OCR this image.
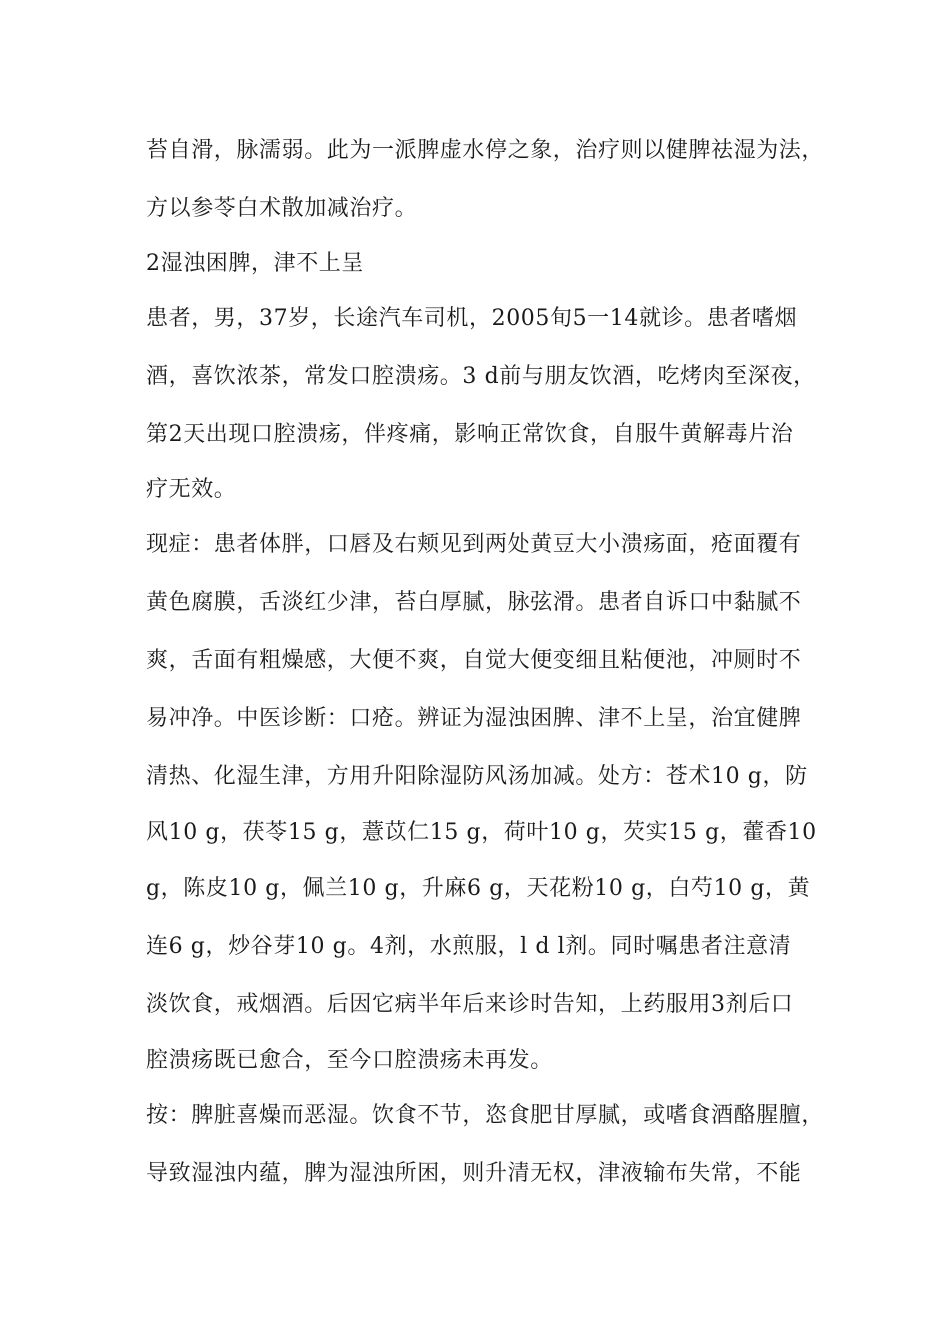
苔自滑，脉濡弱。此为一派脾虚水停之象，治疗则以健脾祛湿为法，
方以参苓白术散加减治疗。
2湿浊困脾，津不上呈
患者，男，37岁，长途汽车司机，2005旬5一14就诊。患者嗜烟
酒，喜饮浓茶，常发口腔溃疡。3 d前与朋友饮酒，吃烤肉至深夜，
第2天出现口腔溃疡，伴疼痛，影响正常饮食，自服牛黄解毒片治
疗无效。
现症：患者体胖，口唇及右颊见到两处黄豆大小溃疡面，疮面覆有
黄色腐膜，舌淡红少津，苔白厚腻，脉弦滑。患者自诉口中黏腻不
爽，舌面有粗燥感，大便不爽，自觉大便变细且粘便池，冲厕时不
易冲净。中医诊断：口疮。辨证为湿浊困脾、津不上呈，治宜健脾
清热、化湿生津，方用升阳除湿防风汤加减。处方：苍术10 g，防
风10 g，茯苓15 g，薏苡仁15 g，荷叶10 g，芡实15 g，藿香10
g，陈皮10 g，佩兰10 g，升麻6 g，天花粉10 g，白芍10 g，黄
连6 g，炒谷芽10 g。4剂，水煎服，l d l剂。同时嘱患者注意清
淡饮食，戒烟酒。后因它病半年后来诊时告知，上药服用3剂后口
腔溃疡既已愈合，至今口腔溃疡未再发。
按：脾脏喜燥而恶湿。饮食不节，恣食肥甘厚腻，或嗜食酒酪腥膻，
导致湿浊内蕴，脾为湿浊所困，则升清无权，津液输布失常，不能
